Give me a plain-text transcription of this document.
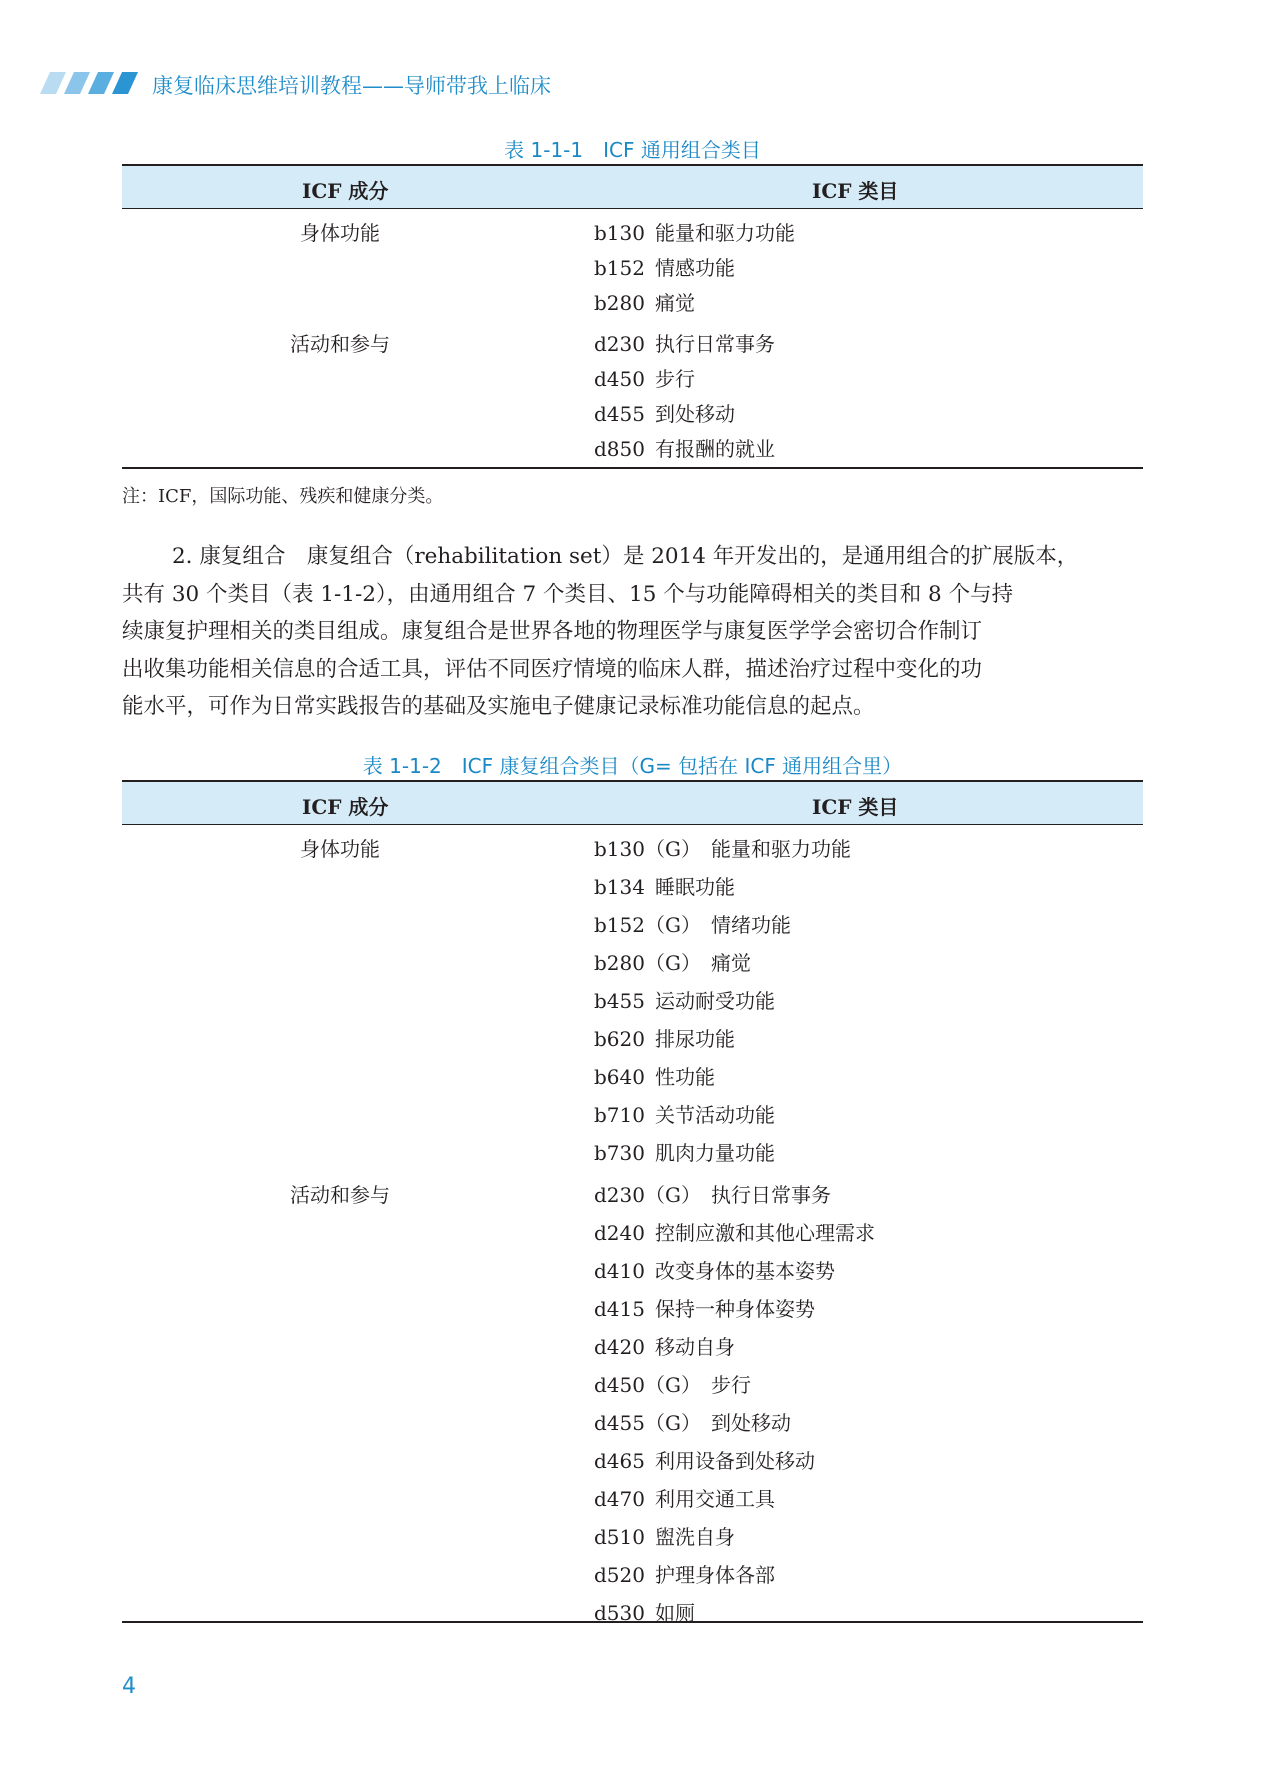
康复临床思维培训教程——导师带我上临床
表 1-1-1　ICF 通用组合类目
ICF 成分	ICF 类目
身体功能	b130 能量和驱力功能
b152 情感功能
b280 痛觉
活动和参与	d230 执行日常事务
d450 步行
d455 到处移动
d850 有报酬的就业
注：ICF，国际功能、残疾和健康分类。

2. 康复组合　康复组合（rehabilitation set）是 2014 年开发出的，是通用组合的扩展版本，

共有 30 个类目（表 1-1-2），由通用组合 7 个类目、15 个与功能障碍相关的类目和 8 个与持

续康复护理相关的类目组成。康复组合是世界各地的物理医学与康复医学学会密切合作制订

出收集功能相关信息的合适工具，评估不同医疗情境的临床人群，描述治疗过程中变化的功

能水平，可作为日常实践报告的基础及实施电子健康记录标准功能信息的起点。

表 1-1-2　ICF 康复组合类目（G= 包括在 ICF 通用组合里）
ICF 成分	ICF 类目
身体功能	b130（G） 能量和驱力功能
b134 睡眠功能
b152（G） 情绪功能
b280（G） 痛觉
b455 运动耐受功能
b620 排尿功能
b640 性功能
b710 关节活动功能
b730 肌肉力量功能
活动和参与	d230（G） 执行日常事务
d240 控制应激和其他心理需求
d410 改变身体的基本姿势
d415 保持一种身体姿势
d420 移动自身
d450（G） 步行
d455（G） 到处移动
d465 利用设备到处移动
d470 利用交通工具
d510 盥洗自身
d520 护理身体各部
d530 如厕
4
